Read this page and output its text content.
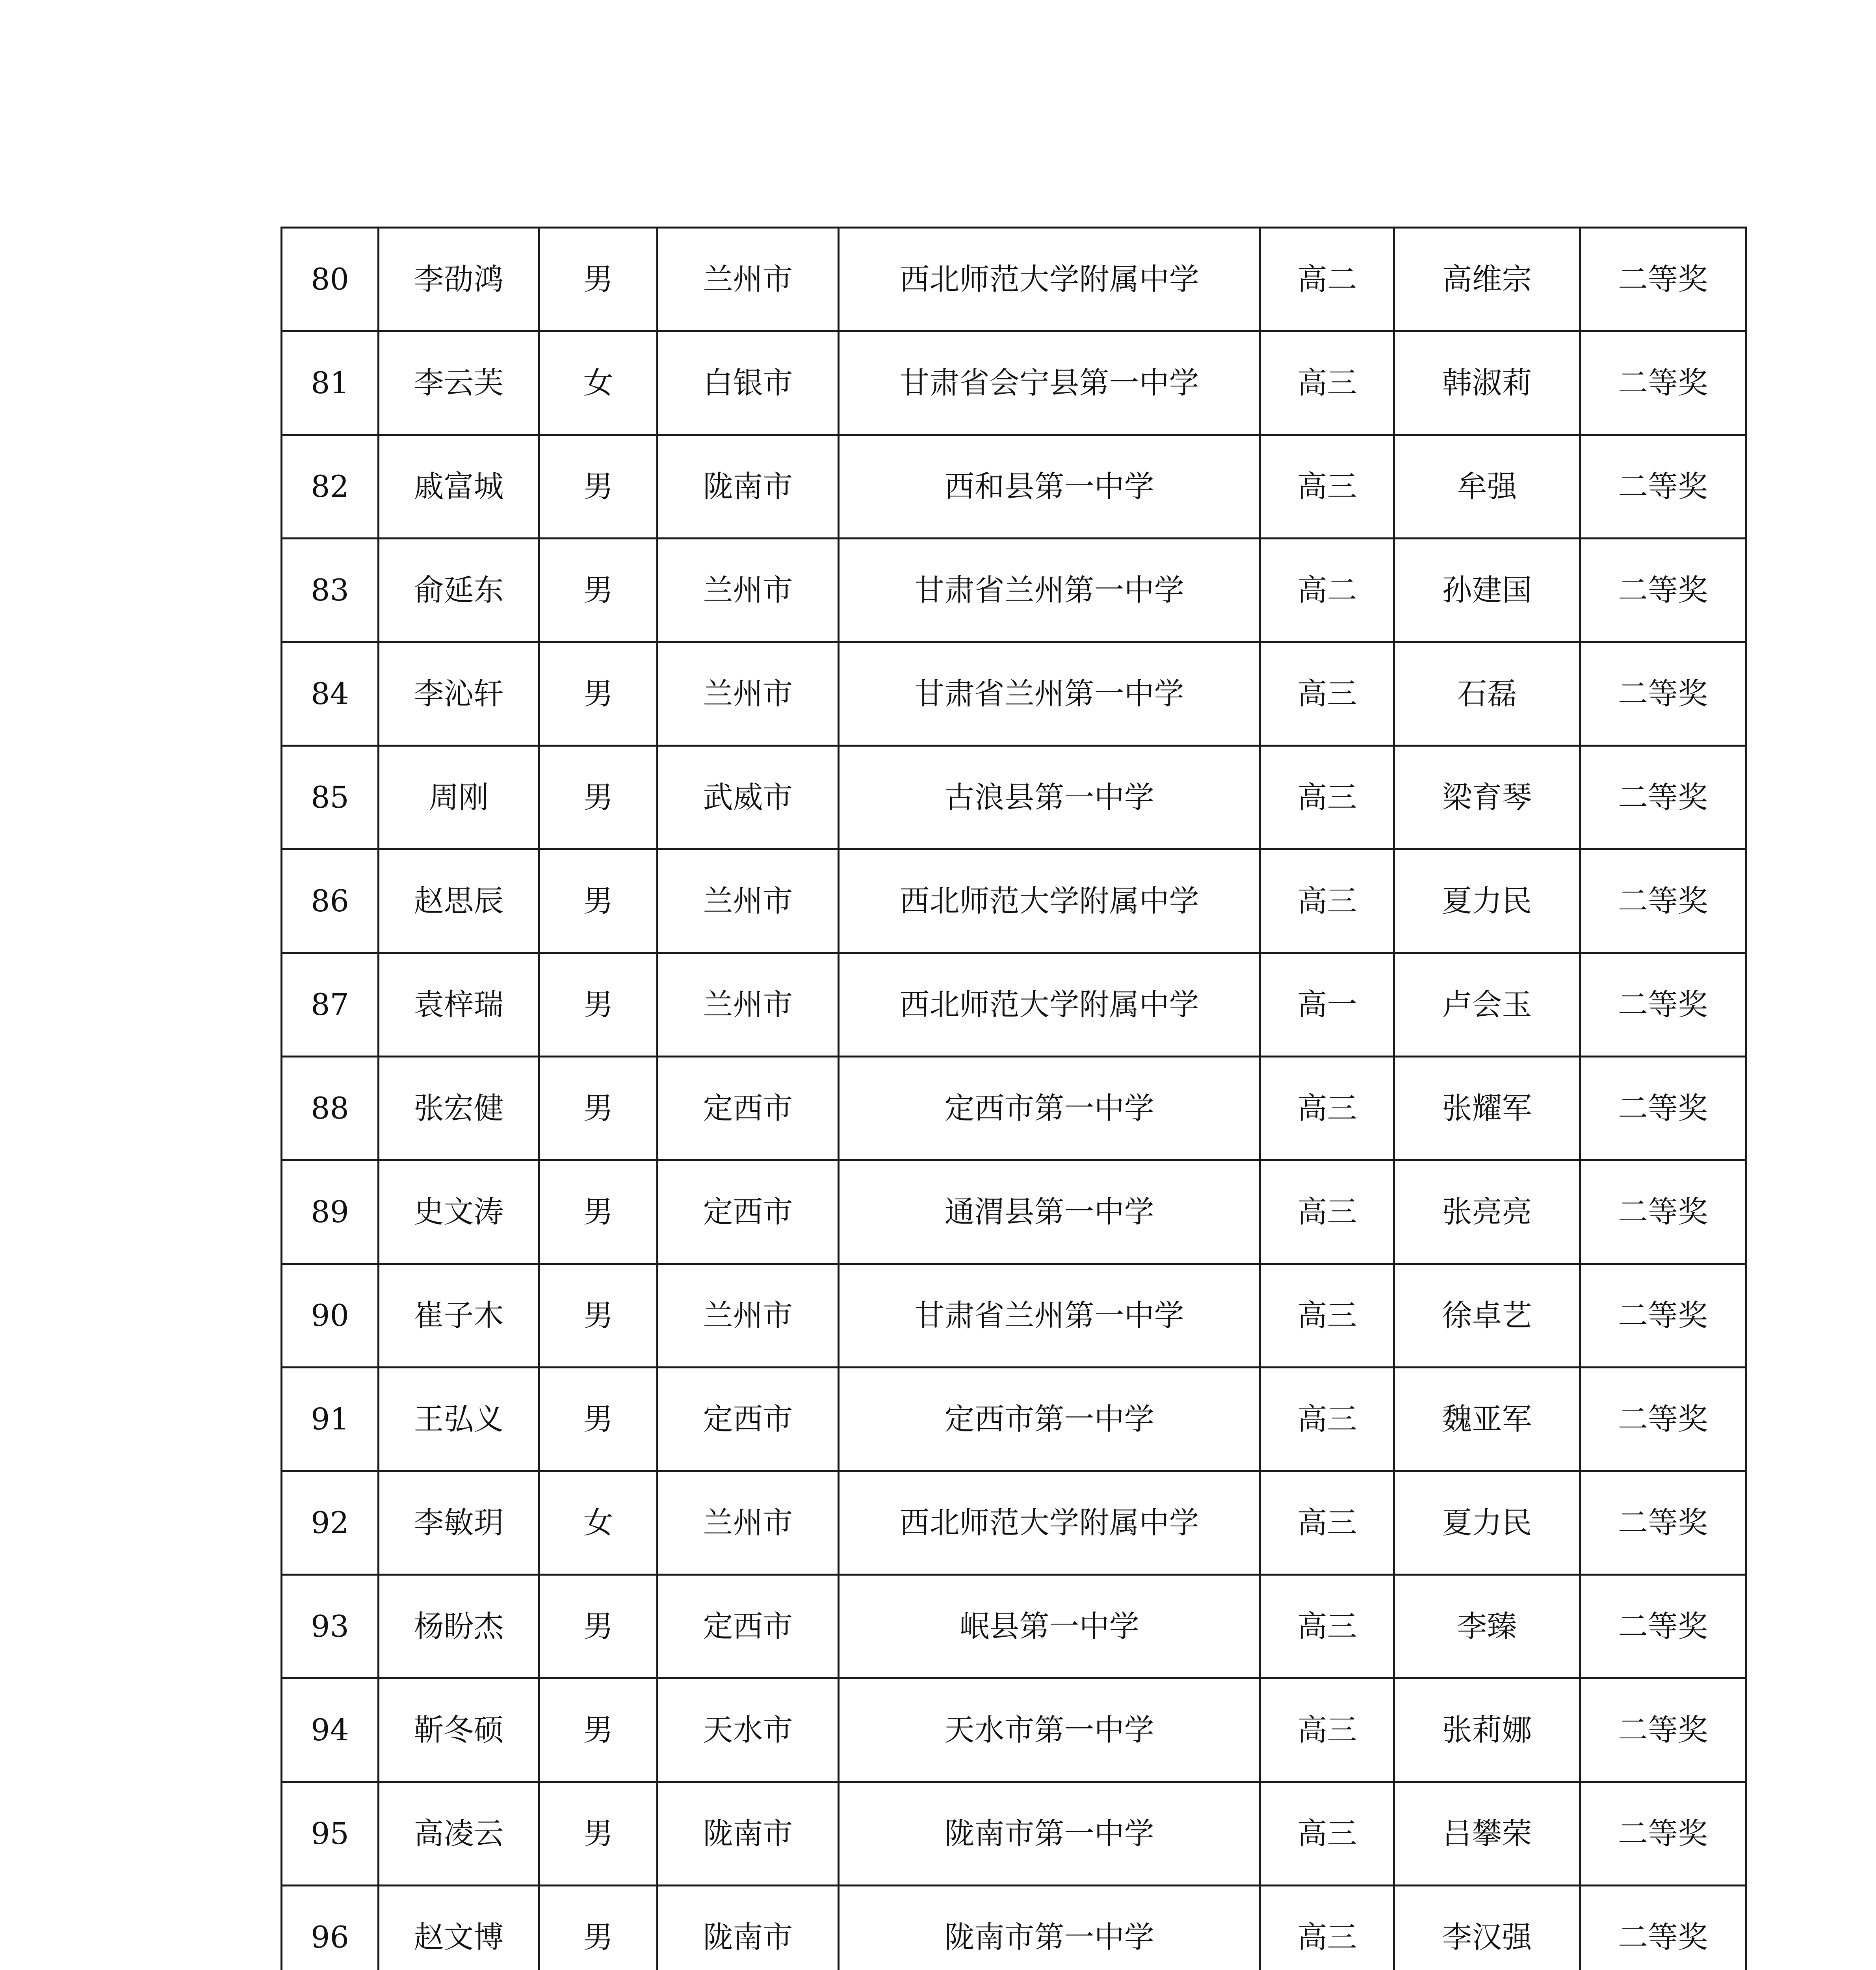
80	李劭鸿	男	兰州市	西北师范大学附属中学	高二	高维宗	二等奖
81	李云芙	女	白银市	甘肃省会宁县第一中学	高三	韩淑莉	二等奖
82	戚富城	男	陇南市	西和县第一中学	高三	牟强	二等奖
83	俞延东	男	兰州市	甘肃省兰州第一中学	高二	孙建国	二等奖
84	李沁轩	男	兰州市	甘肃省兰州第一中学	高三	石磊	二等奖
85	周刚	男	武威市	古浪县第一中学	高三	梁育琴	二等奖
86	赵思辰	男	兰州市	西北师范大学附属中学	高三	夏力民	二等奖
87	袁梓瑞	男	兰州市	西北师范大学附属中学	高一	卢会玉	二等奖
88	张宏健	男	定西市	定西市第一中学	高三	张耀军	二等奖
89	史文涛	男	定西市	通渭县第一中学	高三	张亮亮	二等奖
90	崔子木	男	兰州市	甘肃省兰州第一中学	高三	徐卓艺	二等奖
91	王弘义	男	定西市	定西市第一中学	高三	魏亚军	二等奖
92	李敏玥	女	兰州市	西北师范大学附属中学	高三	夏力民	二等奖
93	杨盼杰	男	定西市	岷县第一中学	高三	李臻	二等奖
94	靳冬硕	男	天水市	天水市第一中学	高三	张莉娜	二等奖
95	高凌云	男	陇南市	陇南市第一中学	高三	吕攀荣	二等奖
96	赵文博	男	陇南市	陇南市第一中学	高三	李汉强	二等奖
